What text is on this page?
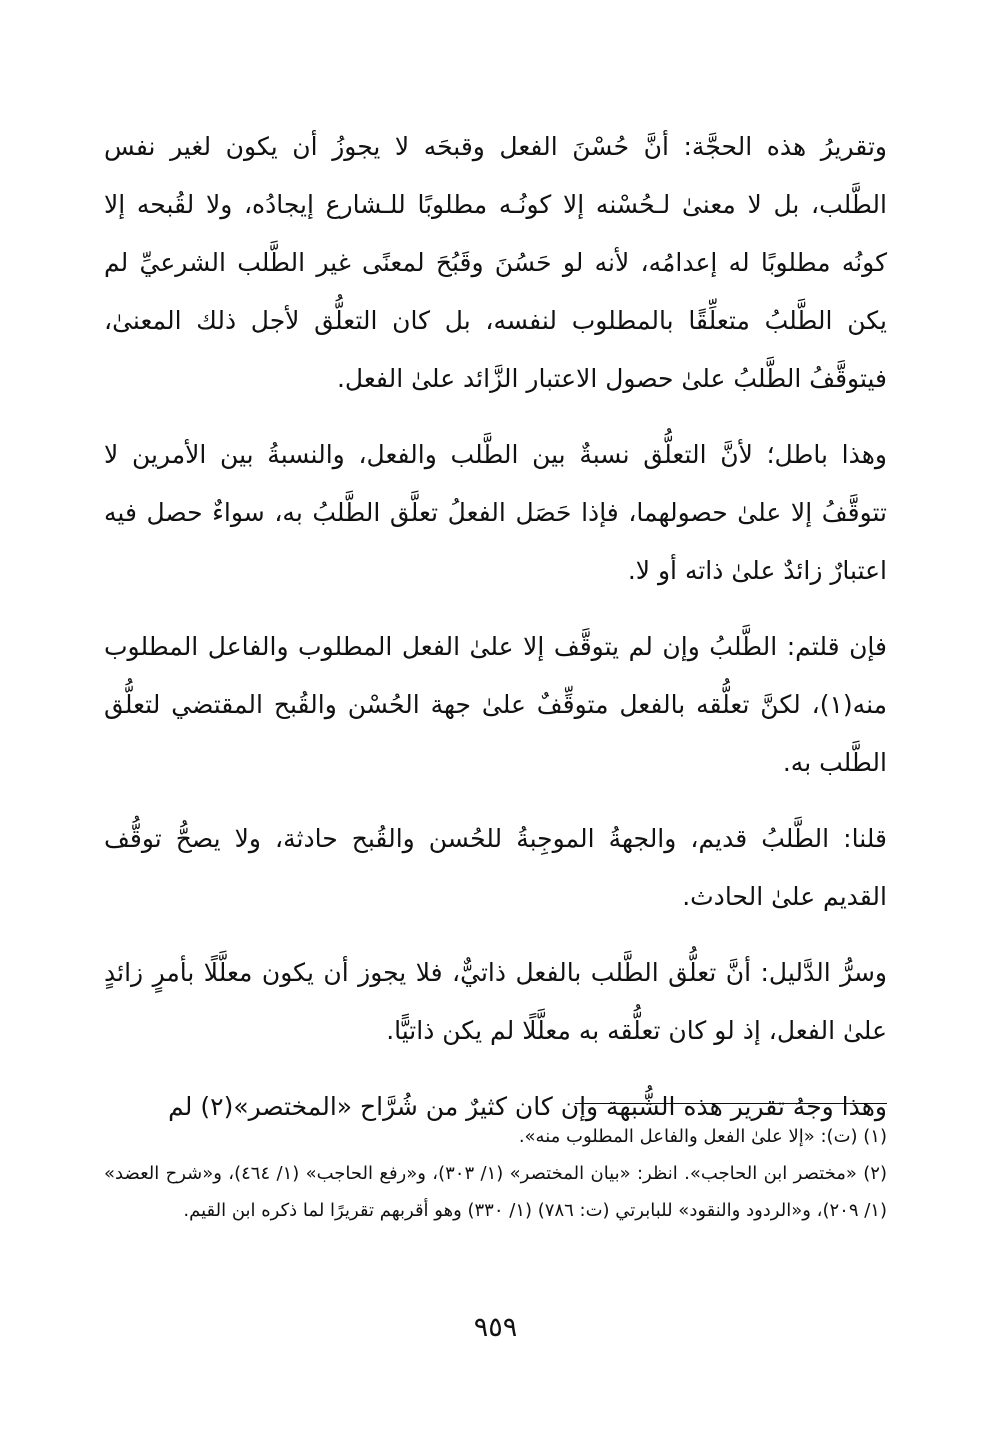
وتقريرُ هذه الحجَّة: أنَّ حُسْنَ الفعل وقبحَه لا يجوزُ أن يكون لغير نفس الطَّلب، بل لا معنىٰ لـحُسْنه إلا كونُـه مطلوبًا للـشارع إيجادُه، ولا لقُبحه إلا كونُه مطلوبًا له إعدامُه، لأنه لو حَسُنَ وقَبُحَ لمعنًى غير الطَّلب الشرعيِّ لم يكن الطَّلبُ متعلِّقًا بالمطلوب لنفسه، بل كان التعلُّق لأجل ذلك المعنىٰ، فيتوقَّفُ الطَّلبُ علىٰ حصول الاعتبار الزَّائد علىٰ الفعل.

وهذا باطل؛ لأنَّ التعلُّق نسبةٌ بين الطَّلب والفعل، والنسبةُ بين الأمرين لا تتوقَّفُ إلا علىٰ حصولهما، فإذا حَصَل الفعلُ تعلَّق الطَّلبُ به، سواءٌ حصل فيه اعتبارٌ زائدٌ علىٰ ذاته أو لا.

فإن قلتم: الطَّلبُ وإن لم يتوقَّف إلا علىٰ الفعل المطلوب والفاعل المطلوب منه(١)، لكنَّ تعلُّقه بالفعل متوقِّفٌ علىٰ جهة الحُسْن والقُبح المقتضي لتعلُّق الطَّلب به.

قلنا: الطَّلبُ قديم، والجهةُ الموجِبةُ للحُسن والقُبح حادثة، ولا يصحُّ توقُّف القديم علىٰ الحادث.

وسرُّ الدَّليل: أنَّ تعلُّق الطَّلب بالفعل ذاتيٌّ، فلا يجوز أن يكون معلَّلًا بأمرٍ زائدٍ علىٰ الفعل، إذ لو كان تعلُّقه به معلَّلًا لم يكن ذاتيًّا.

وهذا وجهُ تقرير هذه الشُّبهة وإن كان كثيرٌ من شُرَّاح «المختصر»(٢) لم

(١) (ت): «إلا علىٰ الفعل والفاعل المطلوب منه».

(٢) «مختصر ابن الحاجب». انظر: «بيان المختصر» (١/ ٣٠٣)، و«رفع الحاجب» (١/ ٤٦٤)، و«شرح العضد» (١/ ٢٠٩)، و«الردود والنقود» للبابرتي (ت: ٧٨٦) (١/ ٣٣٠) وهو أقربهم تقريرًا لما ذكره ابن القيم.

٩٥٩
